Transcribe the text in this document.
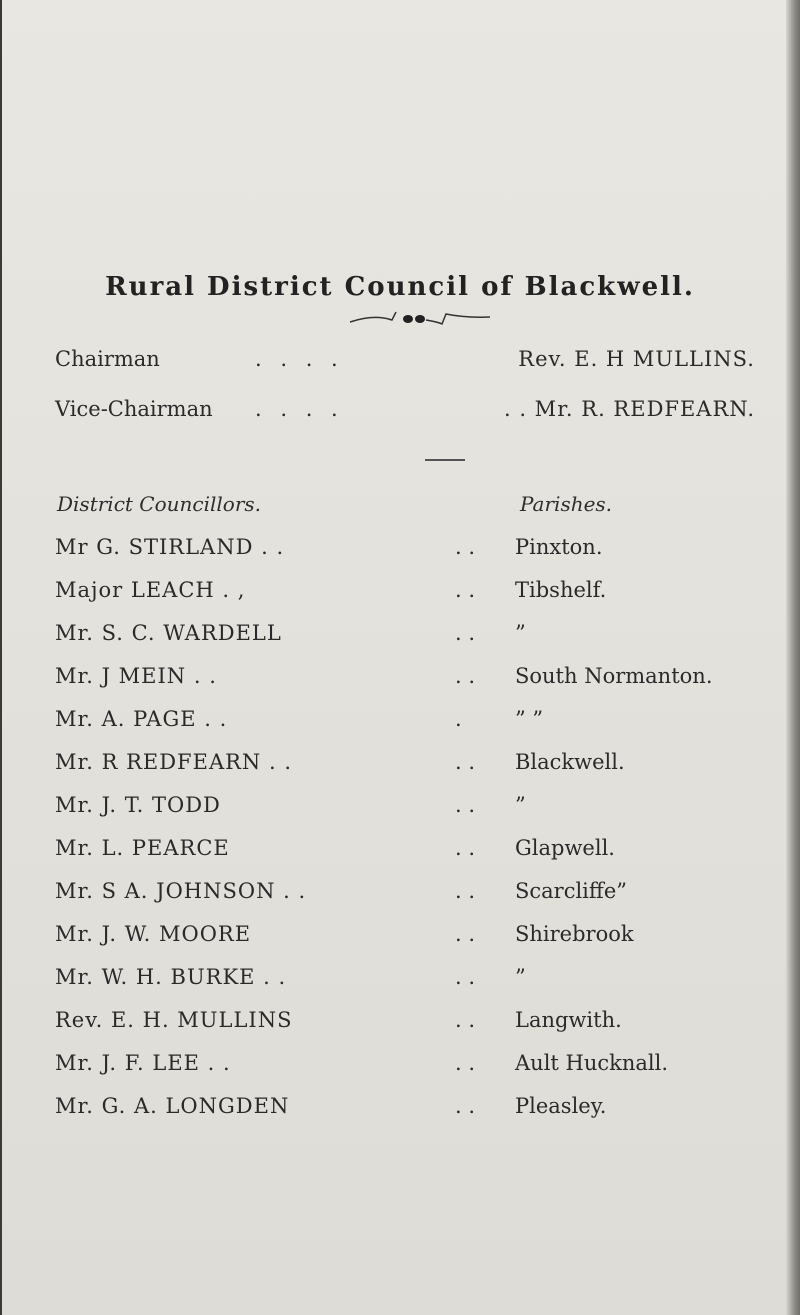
Rural District Council of Blackwell.
Chairman	. . . .	Rev. E. H MULLINS.
Vice-Chairman . . . .	. . Mr. R. REDFEARN.
District Councillors.	Parishes.
Mr G. STIRLAND . .	. . Pinxton.
Major LEACH . ,	. . Tibshelf.
Mr. S. C. WARDELL	. . ”
Mr. J MEIN . .	. . South Normanton.
Mr. A. PAGE . .	.	” ”
Mr. R REDFEARN . .	. . Blackwell.
Mr. J. T. TODD	. . ”
Mr. L. PEARCE	. . Glapwell.
Mr. S A. JOHNSON . .	. . Scarcliffe”
Mr. J. W. MOORE	. . Shirebrook
Mr. W. H. BURKE . .	. . ”
Rev. E. H. MULLINS	. . Langwith.
Mr. J. F. LEE . .	. . Ault Hucknall.
Mr. G. A. LONGDEN	. . Pleasley.
